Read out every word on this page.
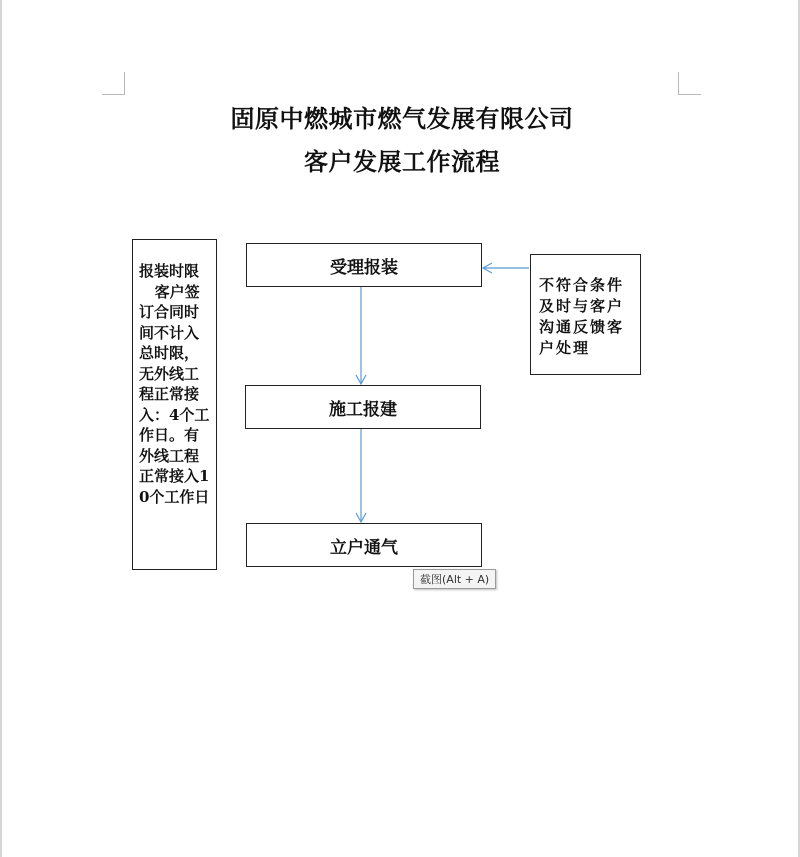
固原中燃城市燃气发展有限公司
客户发展工作流程
报装时限
客户签订合同时间不计入总时限，无外线工程正常接入：4个工作日。有外线工程正常接入10个工作日
受理报装
施工报建
立户通气
不符合条件及时与客户沟通反馈客户处理
截图(Alt + A)
